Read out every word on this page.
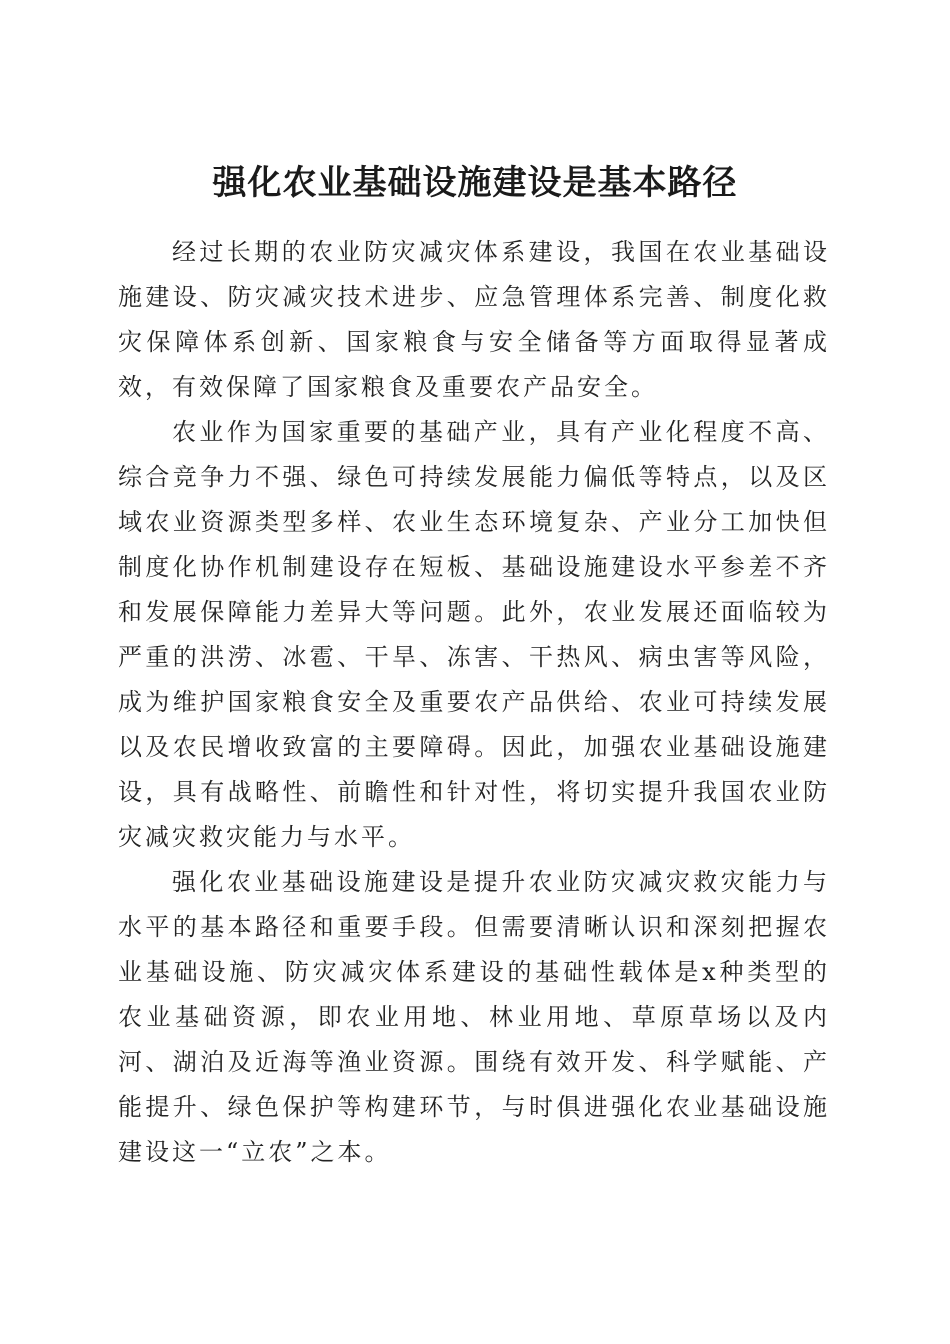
强化农业基础设施建设是基本路径

经过长期的农业防灾减灾体系建设，我国在农业基础设施建设、防灾减灾技术进步、应急管理体系完善、制度化救灾保障体系创新、国家粮食与安全储备等方面取得显著成效，有效保障了国家粮食及重要农产品安全。

农业作为国家重要的基础产业，具有产业化程度不高、综合竞争力不强、绿色可持续发展能力偏低等特点，以及区域农业资源类型多样、农业生态环境复杂、产业分工加快但制度化协作机制建设存在短板、基础设施建设水平参差不齐和发展保障能力差异大等问题。此外，农业发展还面临较为严重的洪涝、冰雹、干旱、冻害、干热风、病虫害等风险，成为维护国家粮食安全及重要农产品供给、农业可持续发展以及农民增收致富的主要障碍。因此，加强农业基础设施建设，具有战略性、前瞻性和针对性，将切实提升我国农业防灾减灾救灾能力与水平。

强化农业基础设施建设是提升农业防灾减灾救灾能力与水平的基本路径和重要手段。但需要清晰认识和深刻把握农业基础设施、防灾减灾体系建设的基础性载体是x种类型的农业基础资源，即农业用地、林业用地、草原草场以及内河、湖泊及近海等渔业资源。围绕有效开发、科学赋能、产能提升、绿色保护等构建环节，与时俱进强化农业基础设施建设这一“立农”之本。
